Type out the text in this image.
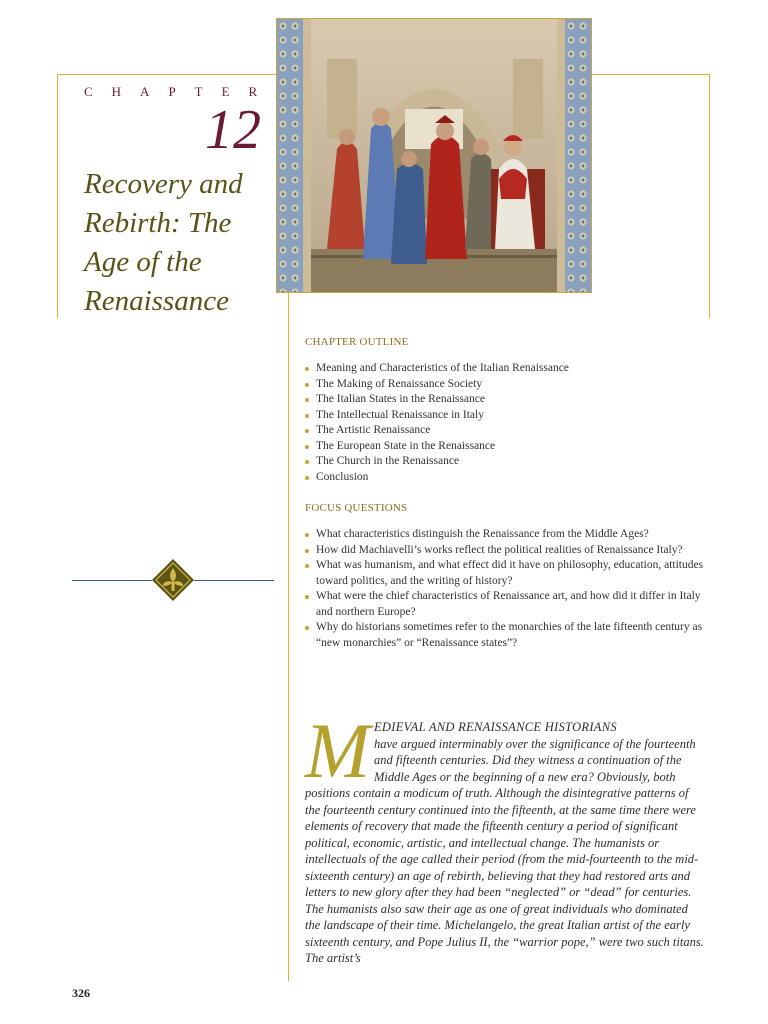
CHAPTER
12
Recovery and Rebirth: The Age of the Renaissance
CHAPTER OUTLINE
Meaning and Characteristics of the Italian Renaissance
The Making of Renaissance Society
The Italian States in the Renaissance
The Intellectual Renaissance in Italy
The Artistic Renaissance
The European State in the Renaissance
The Church in the Renaissance
Conclusion
FOCUS QUESTIONS
What characteristics distinguish the Renaissance from the Middle Ages?
How did Machiavelli’s works reflect the political realities of Renaissance Italy?
What was humanism, and what effect did it have on philosophy, education, attitudes toward politics, and the writing of history?
What were the chief characteristics of Renaissance art, and how did it differ in Italy and northern Europe?
Why do historians sometimes refer to the monarchies of the late fifteenth century as “new monarchies” or “Renaissance states”?
MEDIEVAL AND RENAISSANCE HISTORIANS
have argued interminably over the significance of the fourteenth and fifteenth centuries. Did they witness a continuation of the Middle Ages or the beginning of a new era? Obviously, both positions contain a modicum of truth. Although the disintegrative patterns of the fourteenth century continued into the fifteenth, at the same time there were elements of recovery that made the fifteenth century a period of significant political, economic, artistic, and intellectual change. The humanists or intellectuals of the age called their period (from the mid-fourteenth to the mid-sixteenth century) an age of rebirth, believing that they had restored arts and letters to new glory after they had been “neglected” or “dead” for centuries. The humanists also saw their age as one of great individuals who dominated the landscape of their time. Michelangelo, the great Italian artist of the early sixteenth century, and Pope Julius II, the “warrior pope,” were two such titans. The artist’s
326
